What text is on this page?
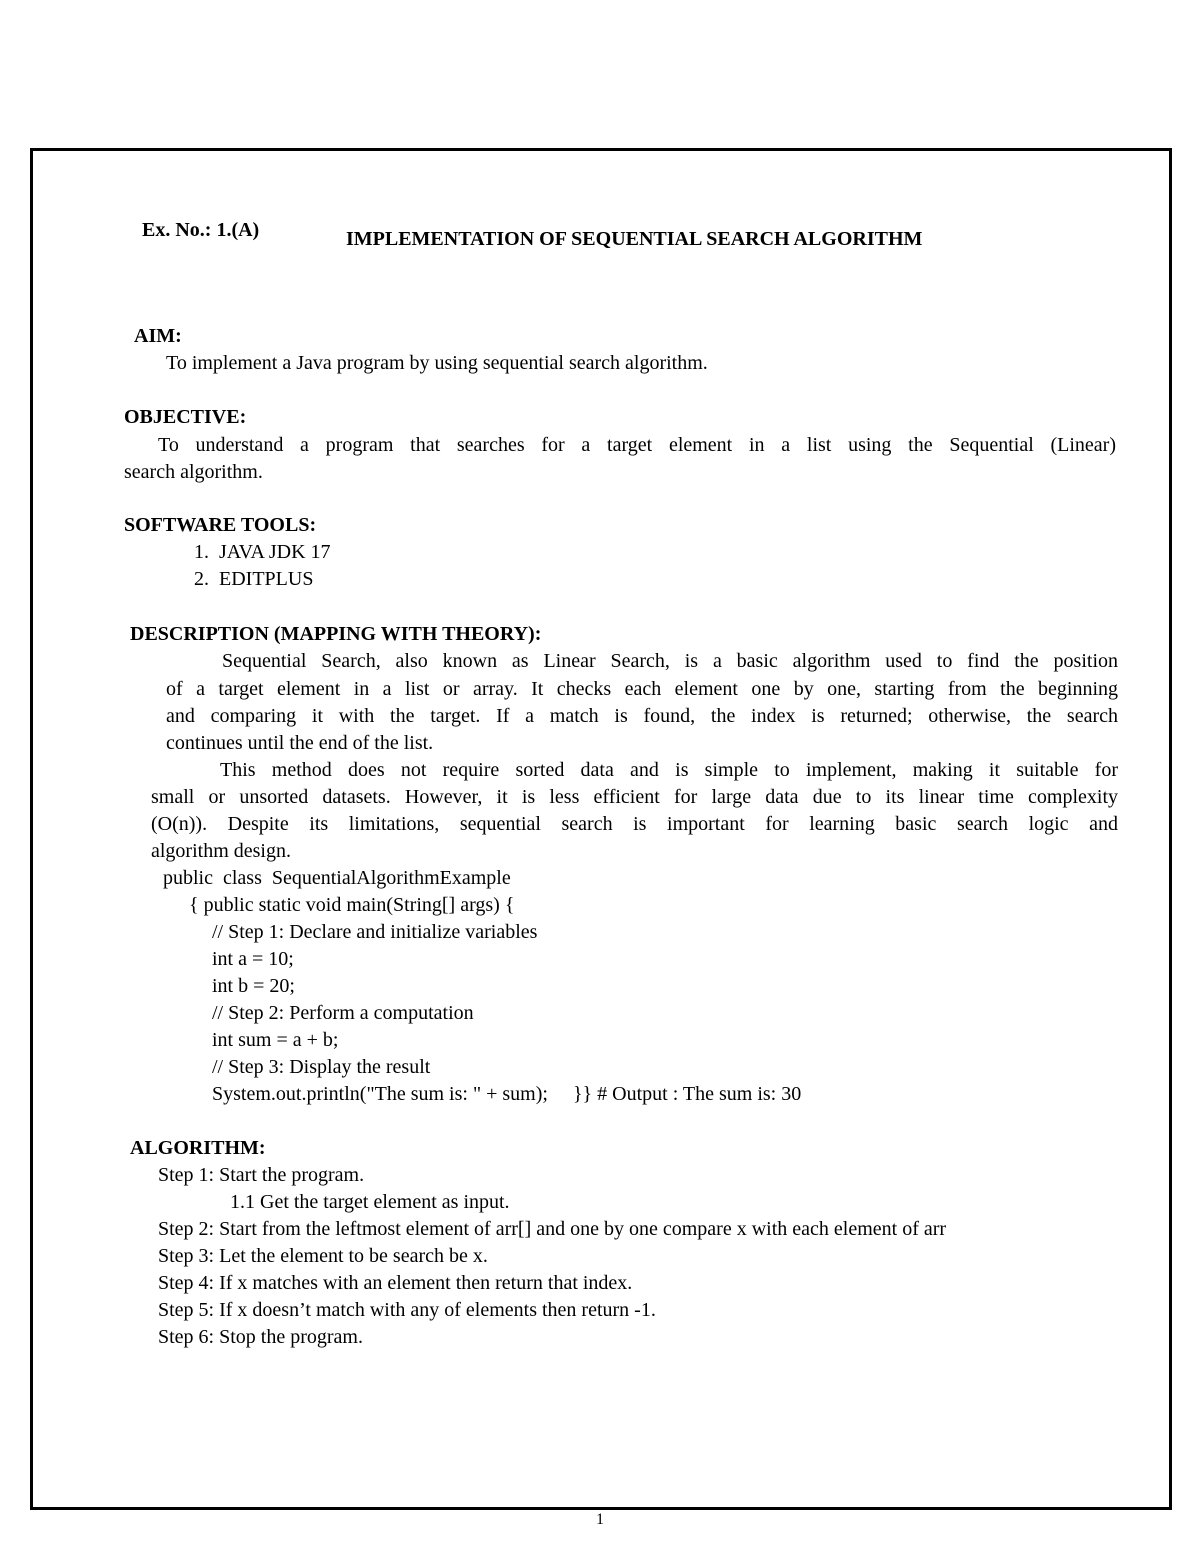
Ex. No.: 1.(A)	IMPLEMENTATION OF SEQUENTIAL SEARCH ALGORITHM
AIM:
To implement a Java program by using sequential search algorithm.
OBJECTIVE:
To understand a program that searches for a target element in a list using the Sequential (Linear)
search algorithm.
SOFTWARE TOOLS:
1.  JAVA JDK 17
2.  EDITPLUS
DESCRIPTION (MAPPING WITH THEORY):
Sequential Search, also known as Linear Search, is a basic algorithm used to find the position
of a target element in a list or array. It checks each element one by one, starting from the beginning
and comparing it with the target. If a match is found, the index is returned; otherwise, the search
continues until the end of the list.
This method does not require sorted data and is simple to implement, making it suitable for
small or unsorted datasets. However, it is less efficient for large data due to its linear time complexity
(O(n)). Despite its limitations, sequential search is important for learning basic search logic and
algorithm design.
public  class  SequentialAlgorithmExample
{ public static void main(String[] args) {
// Step 1: Declare and initialize variables
int a = 10;
int b = 20;
// Step 2: Perform a computation
int sum = a + b;
// Step 3: Display the result
System.out.println("The sum is: " + sum);     }} # Output : The sum is: 30
ALGORITHM:
Step 1: Start the program.
1.1 Get the target element as input.
Step 2: Start from the leftmost element of arr[] and one by one compare x with each element of arr
Step 3: Let the element to be search be x.
Step 4: If x matches with an element then return that index.
Step 5: If x doesn’t match with any of elements then return -1.
Step 6: Stop the program.
1
